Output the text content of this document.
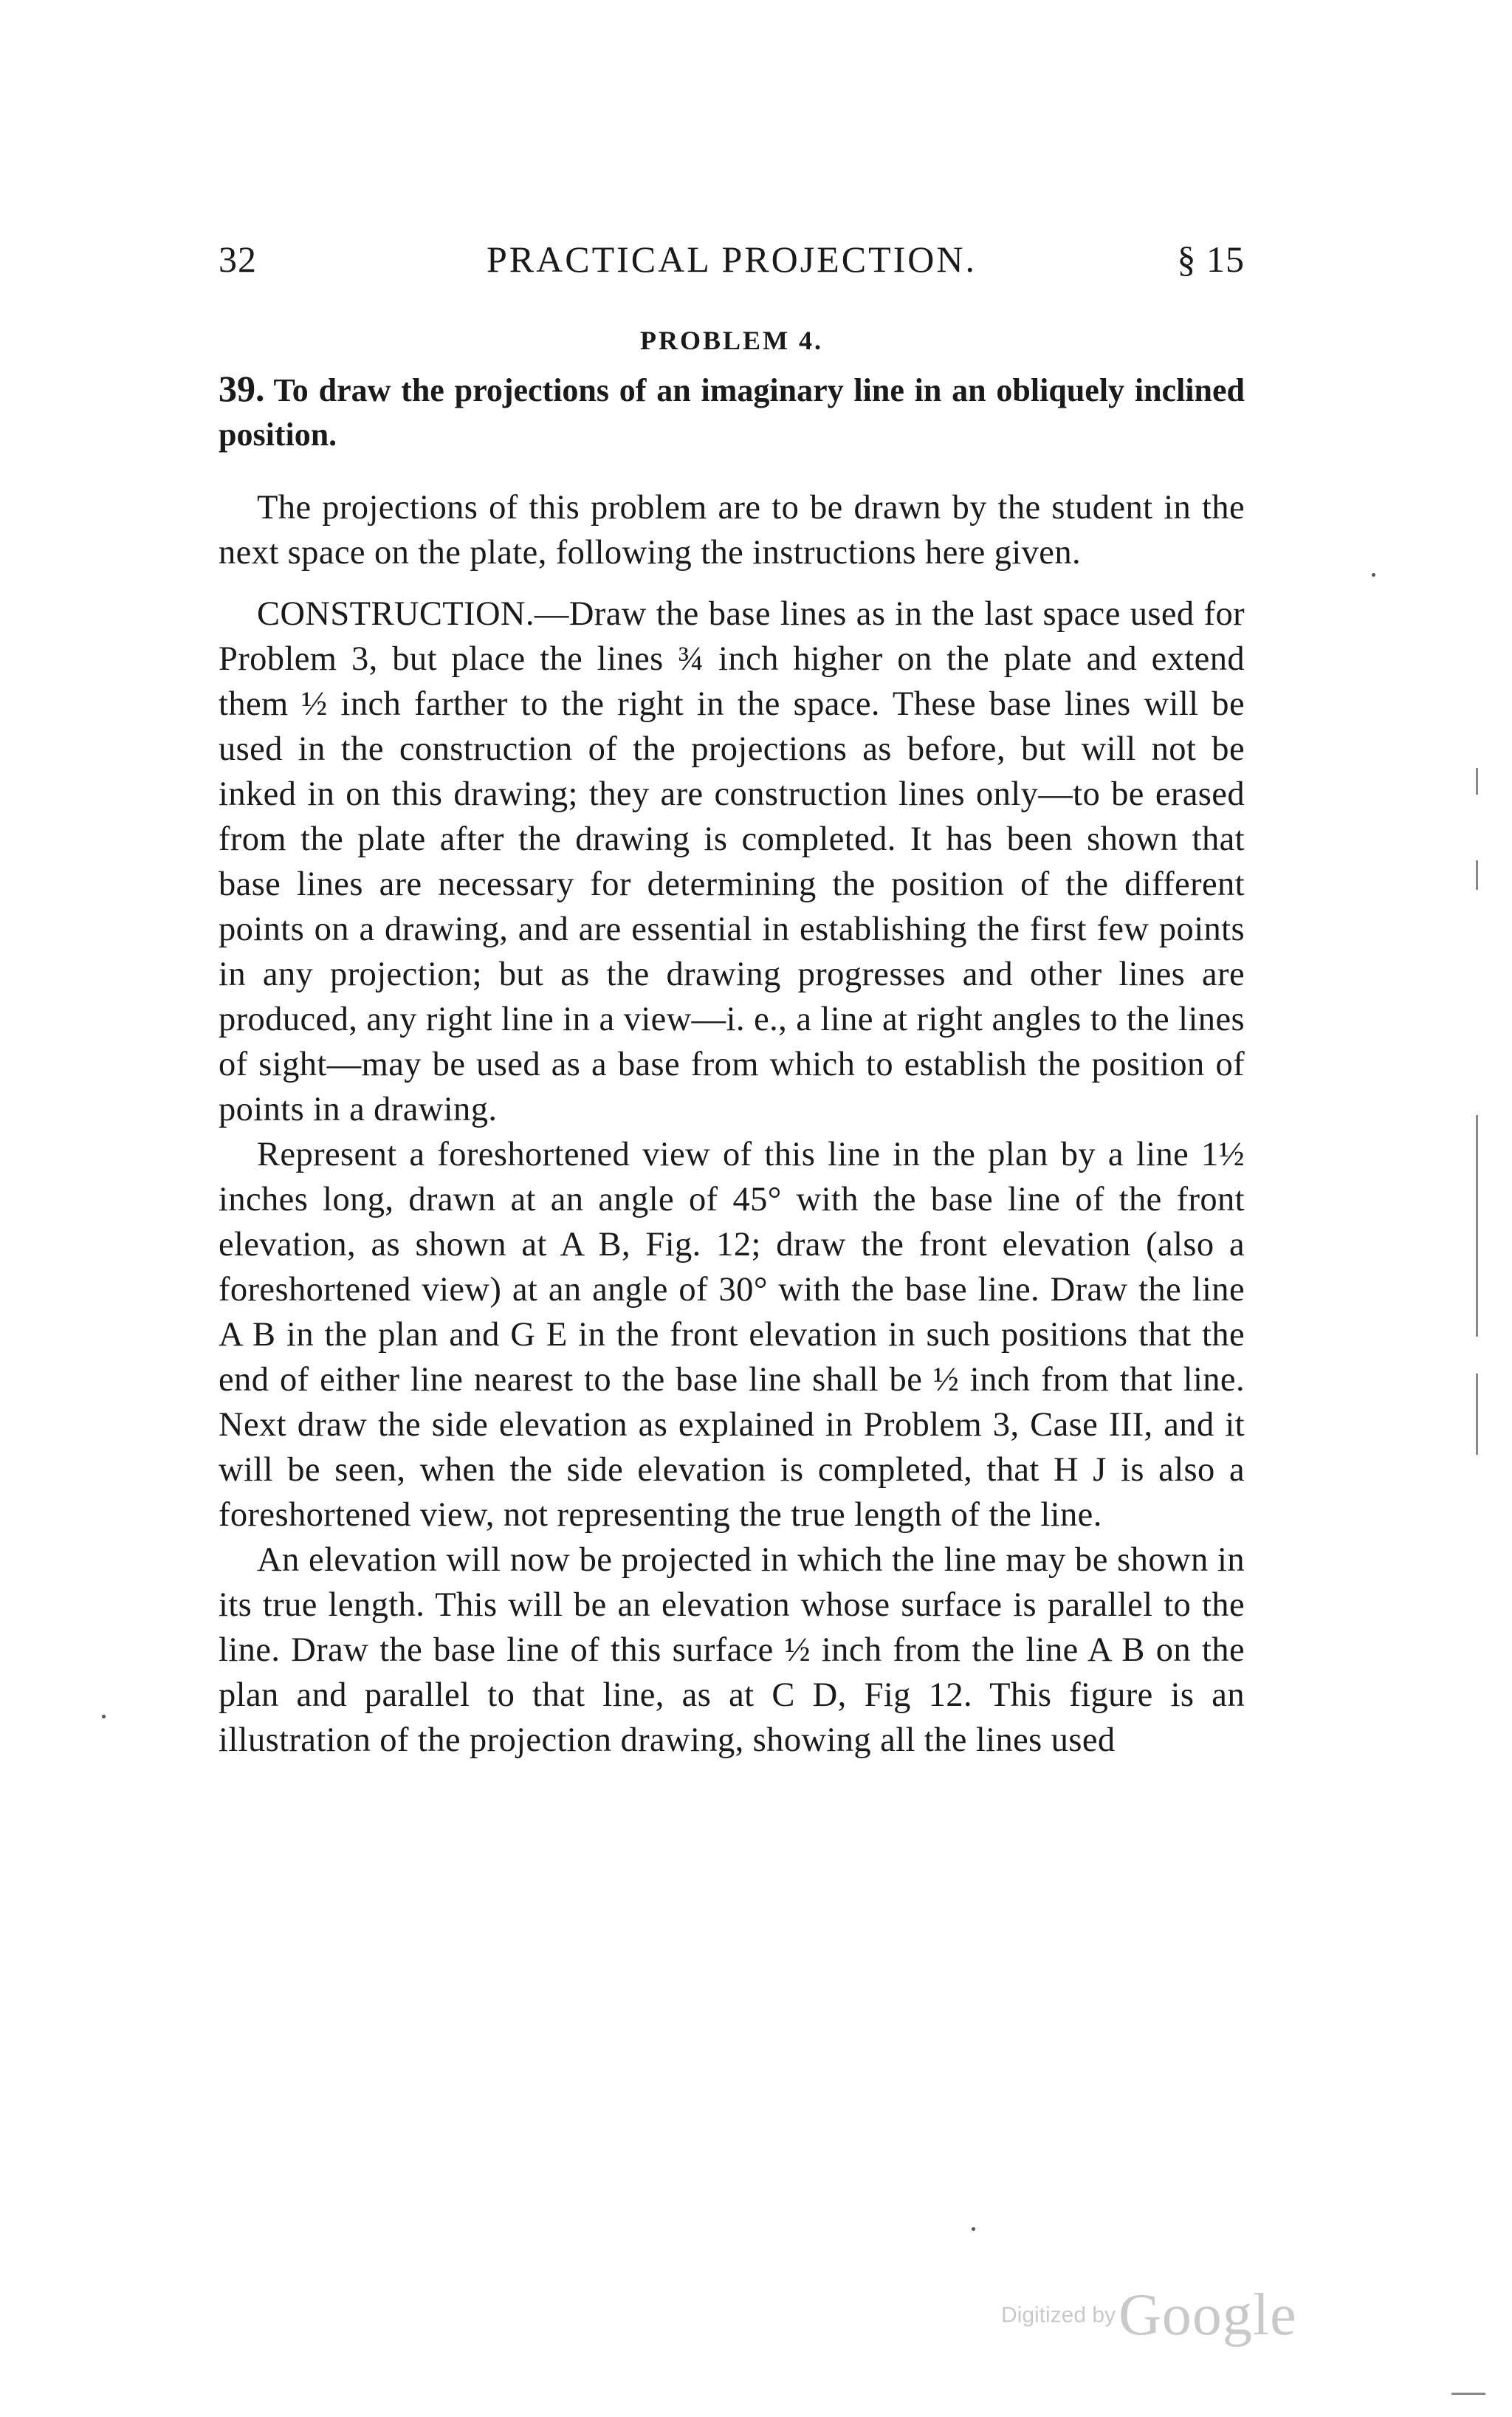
32	PRACTICAL PROJECTION.	§ 15
PROBLEM 4.
39. To draw the projections of an imaginary line in an obliquely inclined position.

The projections of this problem are to be drawn by the student in the next space on the plate, following the instructions here given.

CONSTRUCTION.—Draw the base lines as in the last space used for Problem 3, but place the lines ¾ inch higher on the plate and extend them ½ inch farther to the right in the space. These base lines will be used in the construction of the projections as before, but will not be inked in on this drawing; they are construction lines only—to be erased from the plate after the drawing is completed. It has been shown that base lines are necessary for determining the position of the different points on a drawing, and are essential in establishing the first few points in any projection; but as the drawing progresses and other lines are produced, any right line in a view—i. e., a line at right angles to the lines of sight—may be used as a base from which to establish the position of points in a drawing.

Represent a foreshortened view of this line in the plan by a line 1½ inches long, drawn at an angle of 45° with the base line of the front elevation, as shown at A B, Fig. 12; draw the front elevation (also a foreshortened view) at an angle of 30° with the base line. Draw the line A B in the plan and G E in the front elevation in such positions that the end of either line nearest to the base line shall be ½ inch from that line. Next draw the side elevation as explained in Problem 3, Case III, and it will be seen, when the side elevation is completed, that H J is also a foreshortened view, not representing the true length of the line.

An elevation will now be projected in which the line may be shown in its true length. This will be an elevation whose surface is parallel to the line. Draw the base line of this surface ½ inch from the line A B on the plan and parallel to that line, as at C D, Fig 12. This figure is an illustration of the projection drawing, showing all the lines used

Digitized by Google
